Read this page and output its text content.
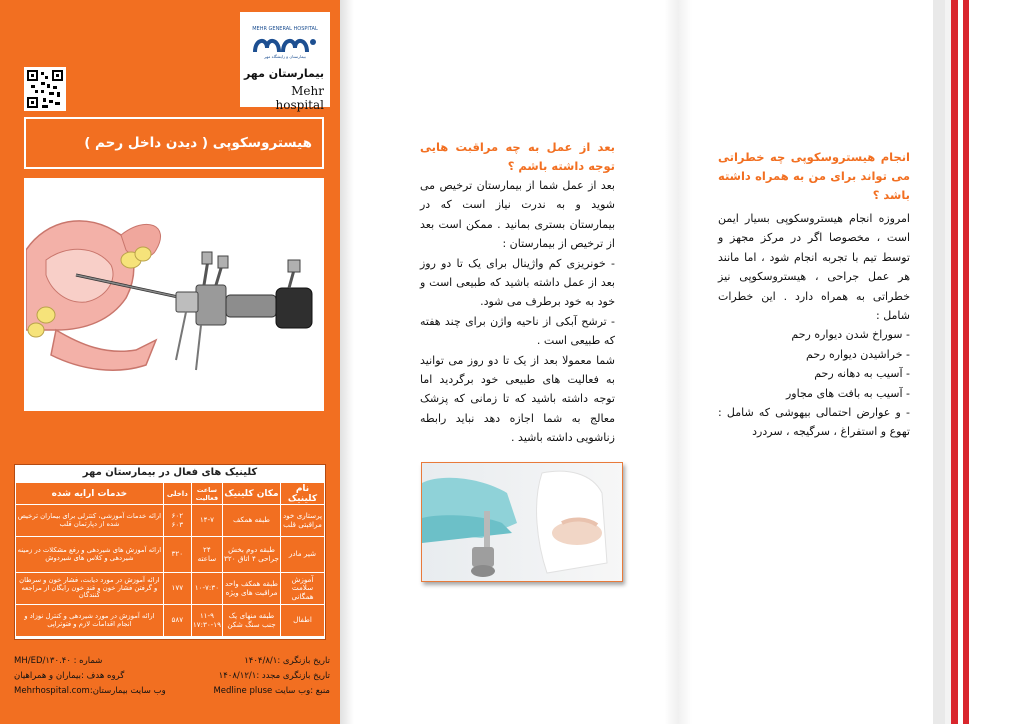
MEHR GENERAL HOSPITAL
بیمارستان و زایشگاه مهر
بیمارستان مهر
Mehr hospital
هیستروسکوپی ( دیدن داخل رحم )
کلینیک های فعال در بیمارستان مهر
نام کلینیک	مکان کلینیک	ساعت فعالیت	داخلی	خدمات ارایه شده
پرستاری خود مراقبتی قلب	طبقه همکف	۱۴-۷	۶۰۲ ۶۰۳	ارائه خدمات آموزشی، کنترلی برای بیماران ترخیص شده از دپارتمان قلب
شیر مادر	طبقه دوم بخش جراحی ۴ اتاق ۳۲۰	۲۴ ساعته	۳۲۰	ارائه آموزش های شیردهی و رفع مشکلات در زمینه شیردهی و کلاس های شیردوش
آموزش سلامت همگانی	طبقه همکف واحد مراقبت های ویژه	۱۰-۷:۳۰	۱۷۷	ارائه آموزش در مورد دیابت، فشار خون و سرطان و گرفتن فشار خون و قند خون رایگان از مراجعه کنندگان
اطفال	طبقه منهای یک جنب سنگ شکن	۱۱-۹ ۱۷:۳۰-۱۹	۵۸۷	ارائه آموزش در مورد شیردهی و کنترل نوزاد و انجام اقدامات لازم و فتوتراپی
تاریخ بازنگری :۱۴۰۴/۸/۱
شماره : MH/ED/۱۳۰.۴۰
تاریخ بازنگری مجدد :۱۴۰۸/۱۲/۱
گروه هدف :بیماران و همراهیان
منبع :وب سایت Medline pluse
وب سایت بیمارستان:Mehrhospital.com
بعد از عمل به چه مراقبت هایی توجه داشته باشم ؟
بعد از عمل شما از بیمارستان ترخیص می شوید و به ندرت نیاز است که در بیمارستان بستری بمانید . ممکن است بعد از ترخیص از بیمارستان :
- خونریزی کم واژینال برای یک تا دو روز بعد از عمل داشته باشید که طبیعی است و خود به خود برطرف می شود.
- ترشح آبکی از ناحیه واژن برای چند هفته که طبیعی است .
شما معمولا بعد از یک تا دو روز می توانید به فعالیت های طبیعی خود برگردید اما توجه داشته باشید که تا زمانی که پزشک معالج به شما اجازه دهد نباید رابطه زناشویی داشته باشید .
انجام هیستروسکوپی چه خطراتی می تواند برای من به همراه داشته باشد ؟
امروزه انجام هیستروسکوپی بسیار ایمن است ، مخصوصا اگر در مرکز مجهز و توسط تیم با تجربه انجام شود ، اما مانند هر عمل جراحی ، هیستروسکوپی نیز خطراتی به همراه دارد . این خطرات شامل :
- سوراخ شدن دیواره رحم
- خراشیدن دیواره رحم
- آسیب به دهانه رحم
- آسیب به بافت های مجاور
- و عوارض احتمالی بیهوشی که شامل : تهوع و استفراغ ، سرگیجه ، سردرد
